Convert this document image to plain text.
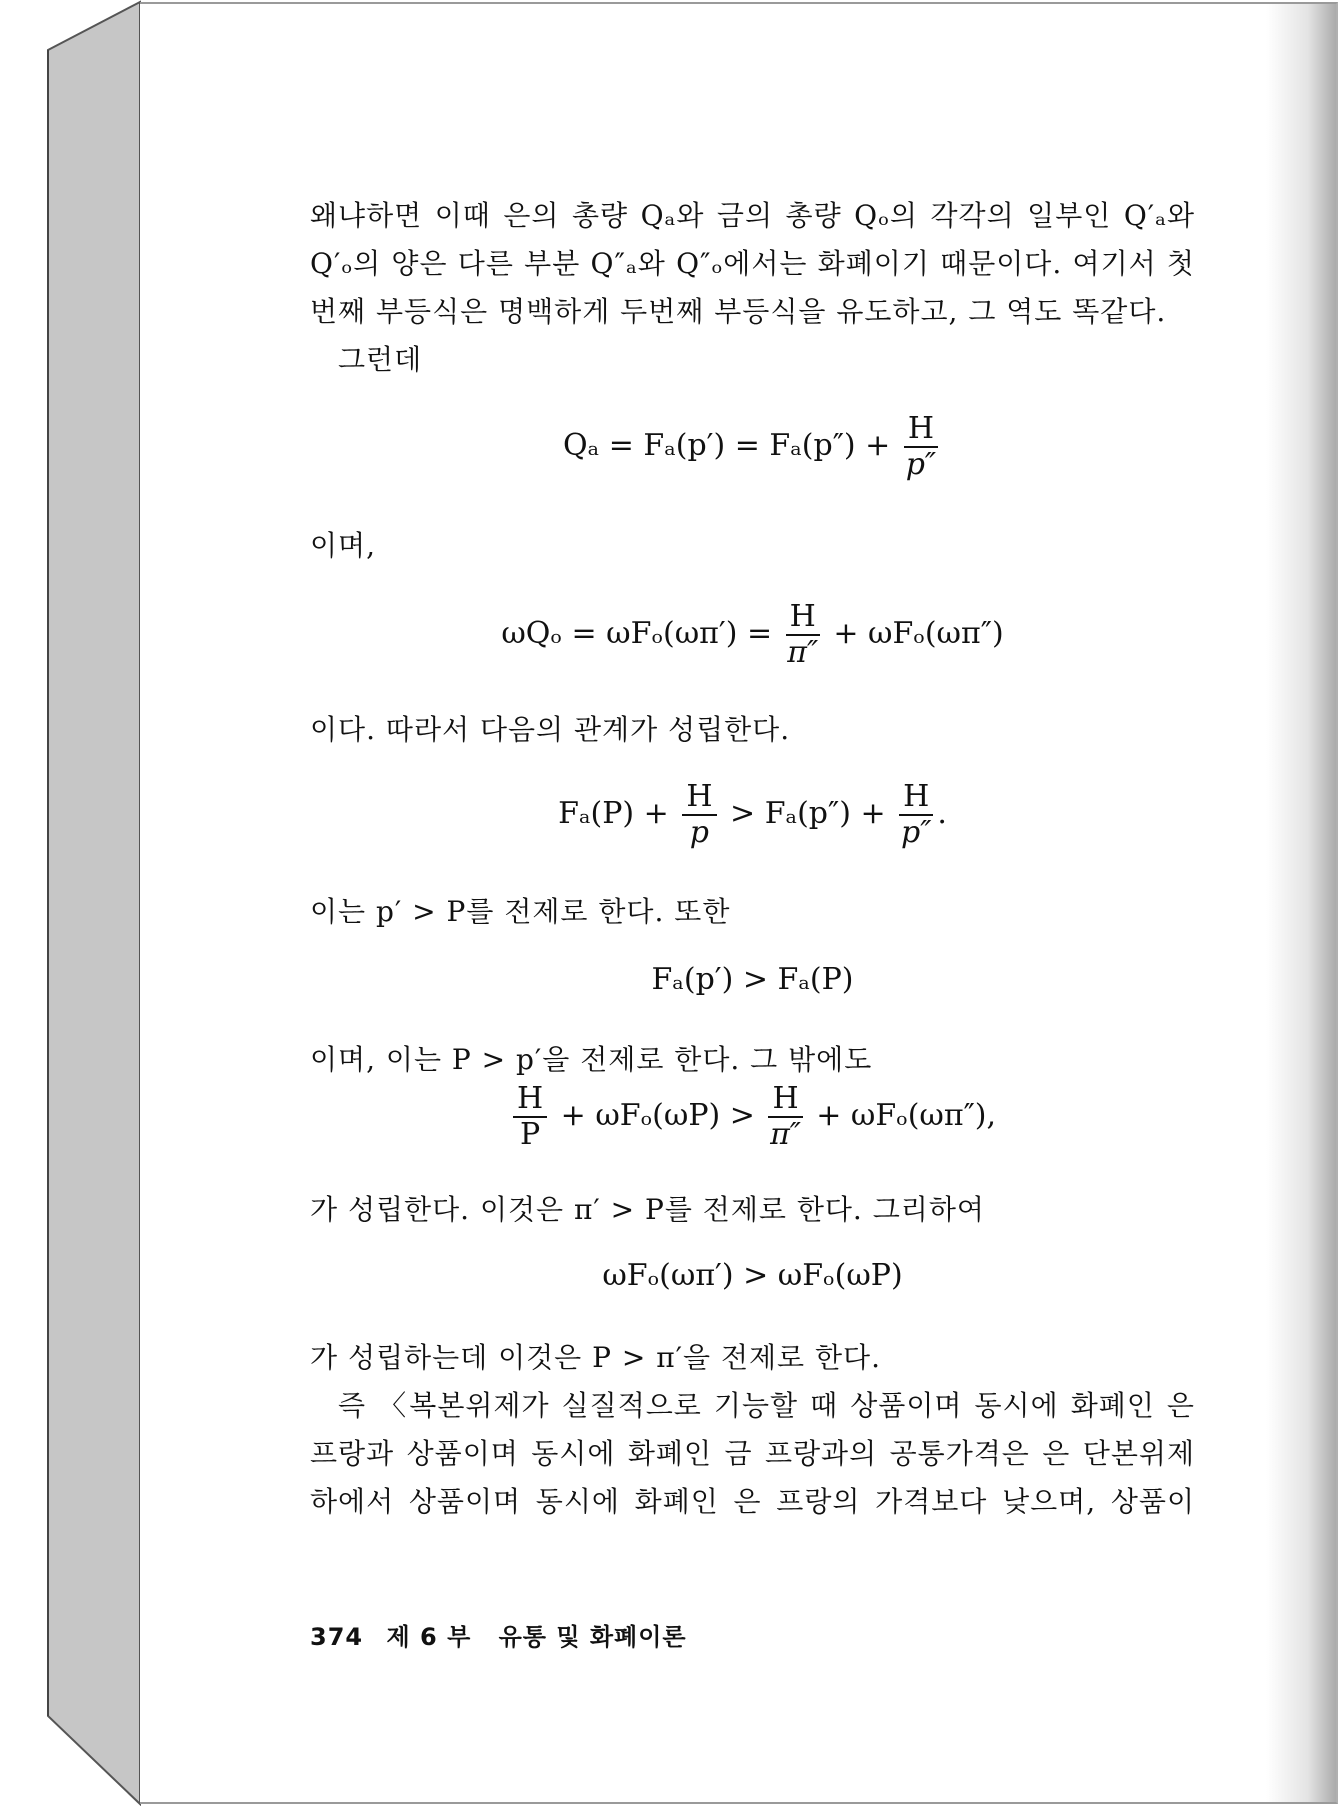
왜냐하면 이때 은의 총량 Qₐ와 금의 총량 Qₒ의 각각의 일부인 Q′ₐ와
Q′ₒ의 양은 다른 부분 Q″ₐ와 Q″ₒ에서는 화폐이기 때문이다. 여기서 첫
번째 부등식은 명백하게 두번째 부등식을 유도하고, 그 역도 똑같다.
그런데
$Q_a = F_a(p') = F_a(p'') + \frac{H}{p''}$
이며,
$\omega Q_o = \omega F_o(\omega\pi') = \frac{H}{\pi''} + \omega F_o(\omega\pi'')$
이다. 따라서 다음의 관계가 성립한다.
$F_a(P) + \frac{H}{p} > F_a(p'') + \frac{H}{p''}$ .
이는 p′ > P를 전제로 한다. 또한
Fₐ(p′) > Fₐ(P)
이며, 이는 P > p′을 전제로 한다. 그 밖에도
$\frac{H}{P} + \omega F_o(\omega P) > \frac{H}{\pi''} + \omega F_o(\omega\pi'')$,
가 성립한다. 이것은 π′ > P를 전제로 한다. 그리하여
ωFₒ(ωπ′) > ωFₒ(ωP)
가 성립하는데 이것은 P > π′을 전제로 한다.
즉 〈복본위제가 실질적으로 기능할 때 상품이며 동시에 화폐인 은
프랑과 상품이며 동시에 화폐인 금 프랑과의 공통가격은 은 단본위제
하에서 상품이며 동시에 화폐인 은 프랑의 가격보다 낮으며, 상품이
374 제 6 부 유통 및 화폐이론
